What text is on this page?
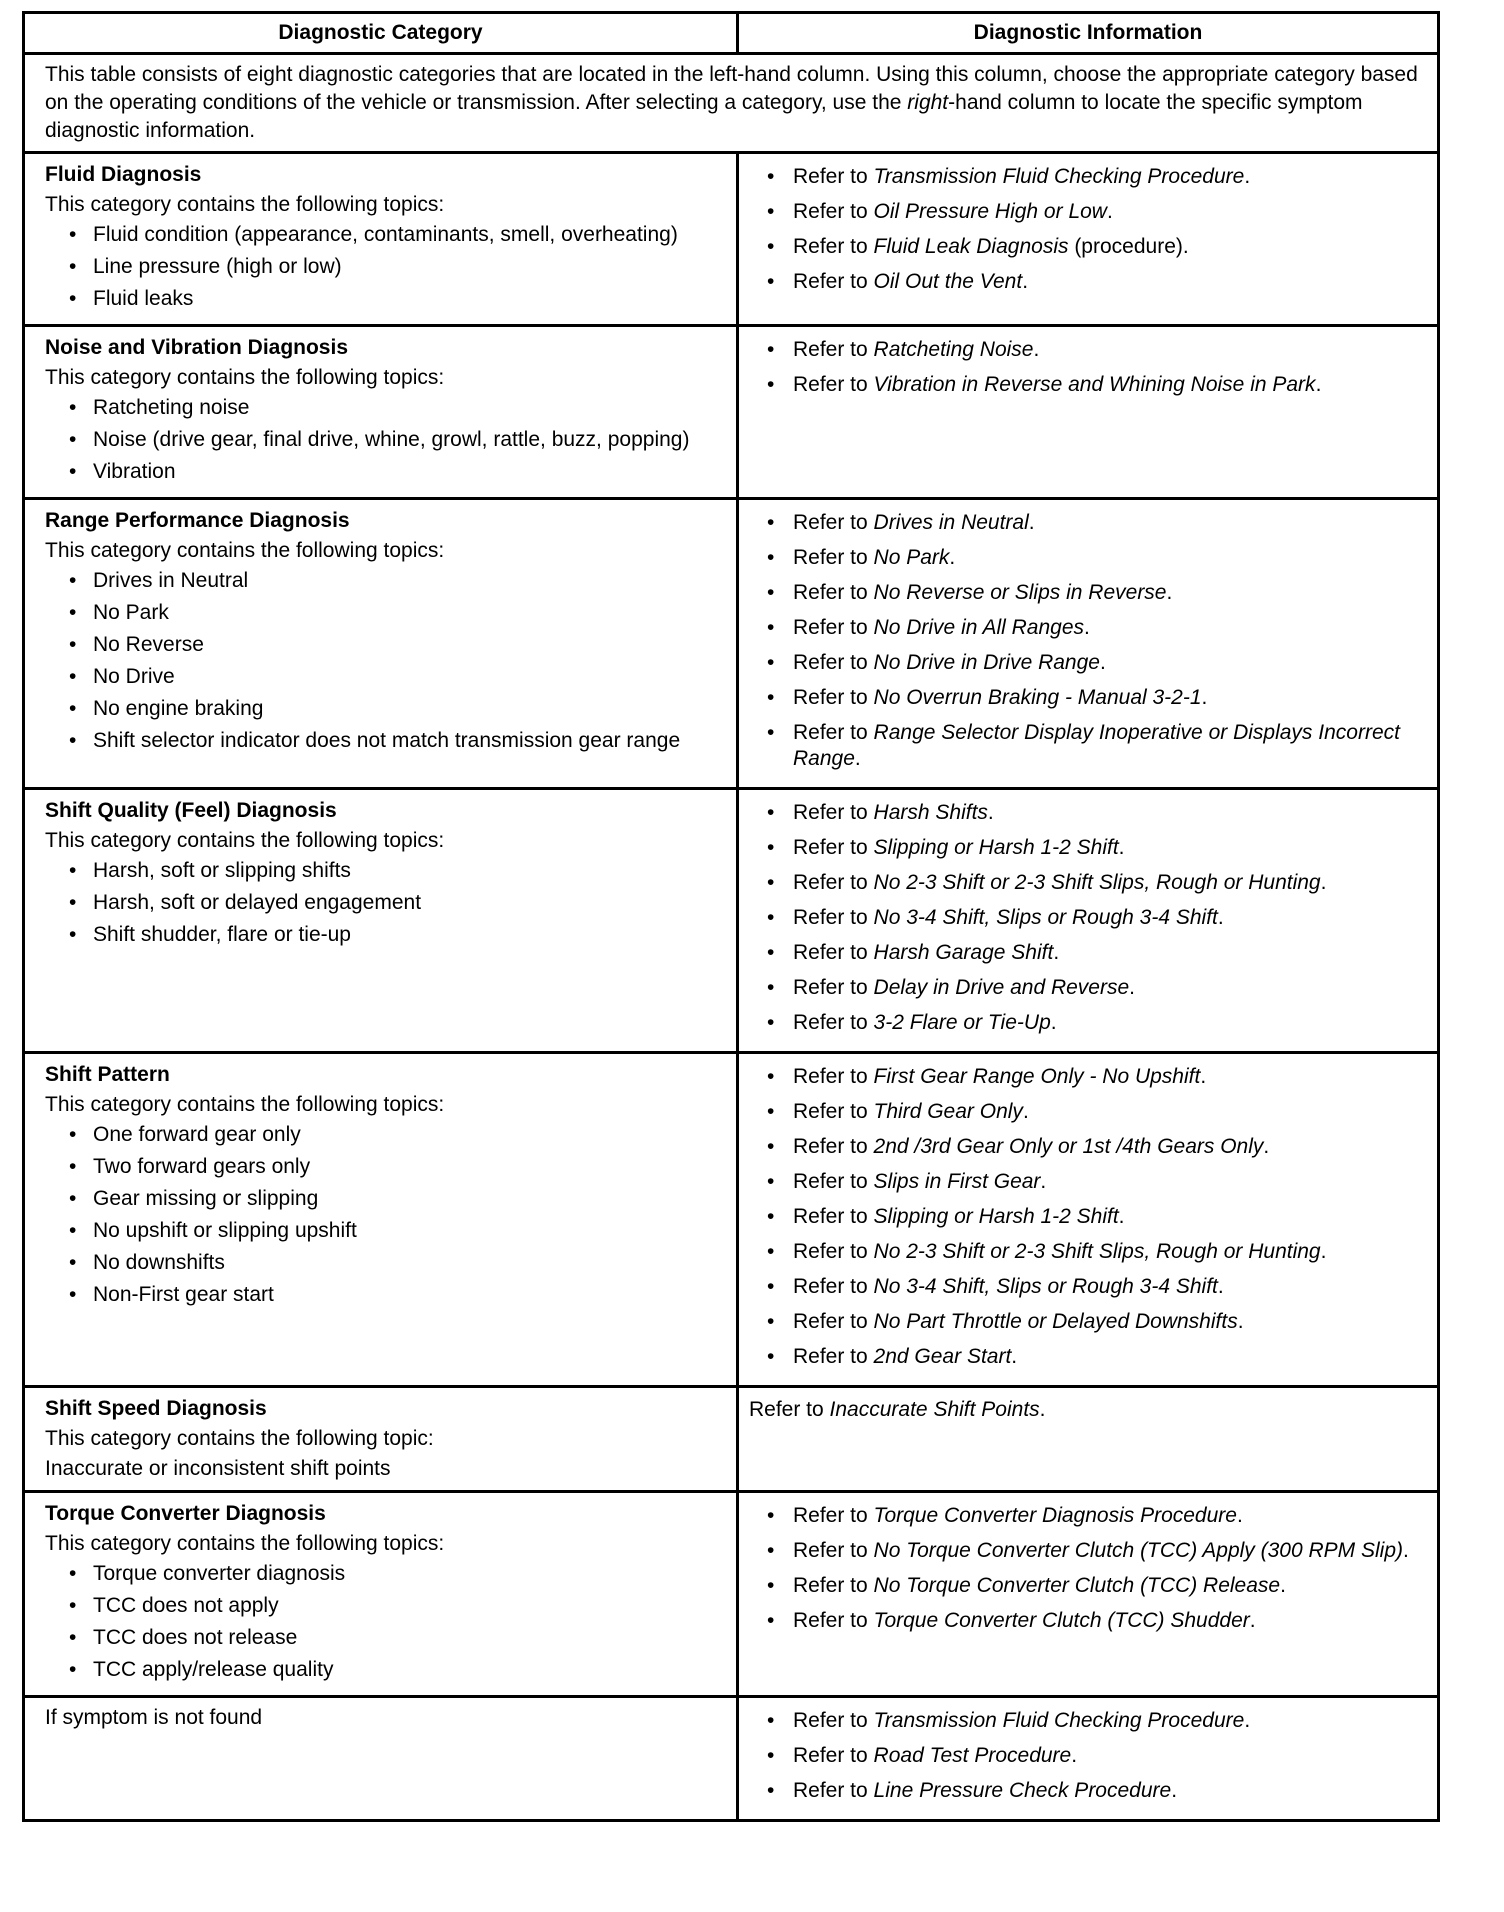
Diagnostic Category	Diagnostic Information
This table consists of eight diagnostic categories that are located in the left-hand column. Using this column, choose the appropriate category based on the operating conditions of the vehicle or transmission. After selecting a category, use the right-hand column to locate the specific symptom diagnostic information.
Fluid Diagnosis
This category contains the following topics:
• Fluid condition (appearance, contaminants, smell, overheating)
• Line pressure (high or low)
• Fluid leaks
• Refer to Transmission Fluid Checking Procedure.
• Refer to Oil Pressure High or Low.
• Refer to Fluid Leak Diagnosis (procedure).
• Refer to Oil Out the Vent.
Noise and Vibration Diagnosis
This category contains the following topics:
• Ratcheting noise
• Noise (drive gear, final drive, whine, growl, rattle, buzz, popping)
• Vibration
• Refer to Ratcheting Noise.
• Refer to Vibration in Reverse and Whining Noise in Park.
Range Performance Diagnosis
This category contains the following topics:
• Drives in Neutral
• No Park
• No Reverse
• No Drive
• No engine braking
• Shift selector indicator does not match transmission gear range
• Refer to Drives in Neutral.
• Refer to No Park.
• Refer to No Reverse or Slips in Reverse.
• Refer to No Drive in All Ranges.
• Refer to No Drive in Drive Range.
• Refer to No Overrun Braking - Manual 3-2-1.
• Refer to Range Selector Display Inoperative or Displays Incorrect Range.
Shift Quality (Feel) Diagnosis
This category contains the following topics:
• Harsh, soft or slipping shifts
• Harsh, soft or delayed engagement
• Shift shudder, flare or tie-up
• Refer to Harsh Shifts.
• Refer to Slipping or Harsh 1-2 Shift.
• Refer to No 2-3 Shift or 2-3 Shift Slips, Rough or Hunting.
• Refer to No 3-4 Shift, Slips or Rough 3-4 Shift.
• Refer to Harsh Garage Shift.
• Refer to Delay in Drive and Reverse.
• Refer to 3-2 Flare or Tie-Up.
Shift Pattern
This category contains the following topics:
• One forward gear only
• Two forward gears only
• Gear missing or slipping
• No upshift or slipping upshift
• No downshifts
• Non-First gear start
• Refer to First Gear Range Only - No Upshift.
• Refer to Third Gear Only.
• Refer to 2nd /3rd Gear Only or 1st /4th Gears Only.
• Refer to Slips in First Gear.
• Refer to Slipping or Harsh 1-2 Shift.
• Refer to No 2-3 Shift or 2-3 Shift Slips, Rough or Hunting.
• Refer to No 3-4 Shift, Slips or Rough 3-4 Shift.
• Refer to No Part Throttle or Delayed Downshifts.
• Refer to 2nd Gear Start.
Shift Speed Diagnosis
This category contains the following topic:
Inaccurate or inconsistent shift points
Refer to Inaccurate Shift Points.
Torque Converter Diagnosis
This category contains the following topics:
• Torque converter diagnosis
• TCC does not apply
• TCC does not release
• TCC apply/release quality
• Refer to Torque Converter Diagnosis Procedure.
• Refer to No Torque Converter Clutch (TCC) Apply (300 RPM Slip).
• Refer to No Torque Converter Clutch (TCC) Release.
• Refer to Torque Converter Clutch (TCC) Shudder.
If symptom is not found	• Refer to Transmission Fluid Checking Procedure.
• Refer to Road Test Procedure.
• Refer to Line Pressure Check Procedure.
